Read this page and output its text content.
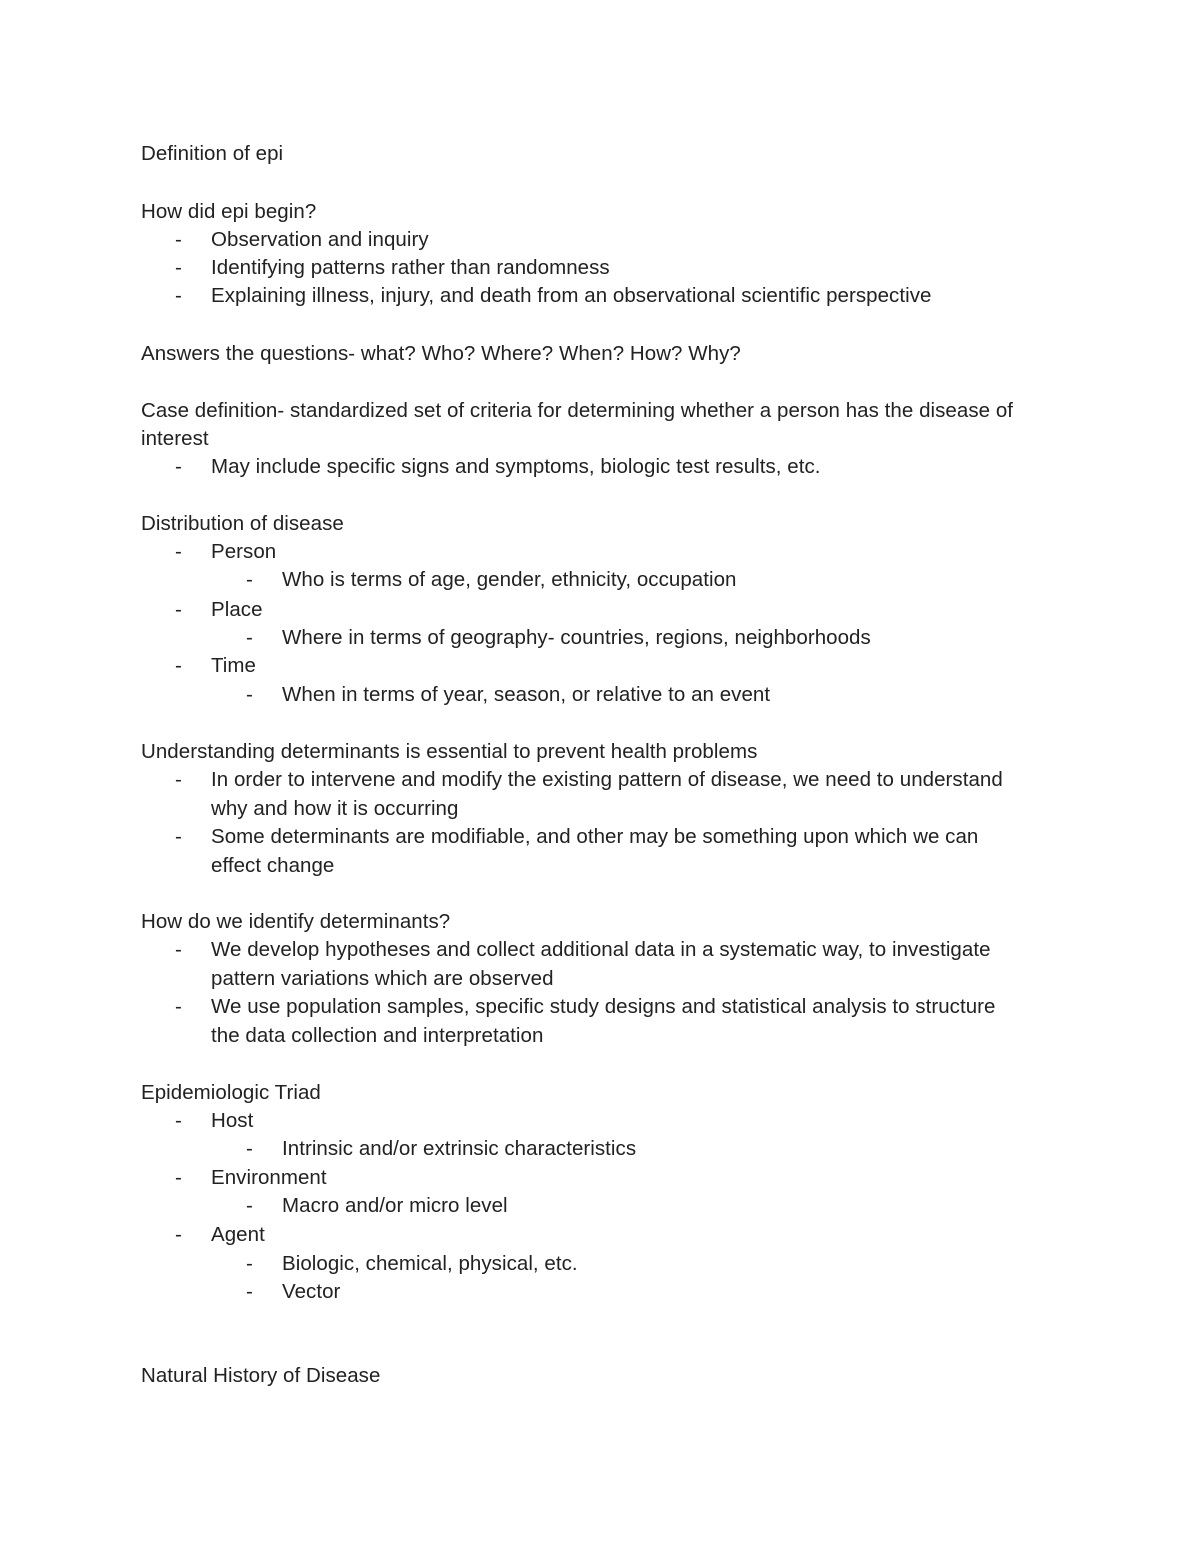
Definition of epi
How did epi begin?
- Observation and inquiry
- Identifying patterns rather than randomness
- Explaining illness, injury, and death from an observational scientific perspective
Answers the questions- what? Who? Where? When? How? Why?
Case definition- standardized set of criteria for determining whether a person has the disease of
interest
- May include specific signs and symptoms, biologic test results, etc.
Distribution of disease
- Person
- Who is terms of age, gender, ethnicity, occupation
- Place
- Where in terms of geography- countries, regions, neighborhoods
- Time
- When in terms of year, season, or relative to an event
Understanding determinants is essential to prevent health problems
- In order to intervene and modify the existing pattern of disease, we need to understand
why and how it is occurring
- Some determinants are modifiable, and other may be something upon which we can
effect change
How do we identify determinants?
- We develop hypotheses and collect additional data in a systematic way, to investigate
pattern variations which are observed
- We use population samples, specific study designs and statistical analysis to structure
the data collection and interpretation
Epidemiologic Triad
- Host
- Intrinsic and/or extrinsic characteristics
- Environment
- Macro and/or micro level
- Agent
- Biologic, chemical, physical, etc.
- Vector
Natural History of Disease
